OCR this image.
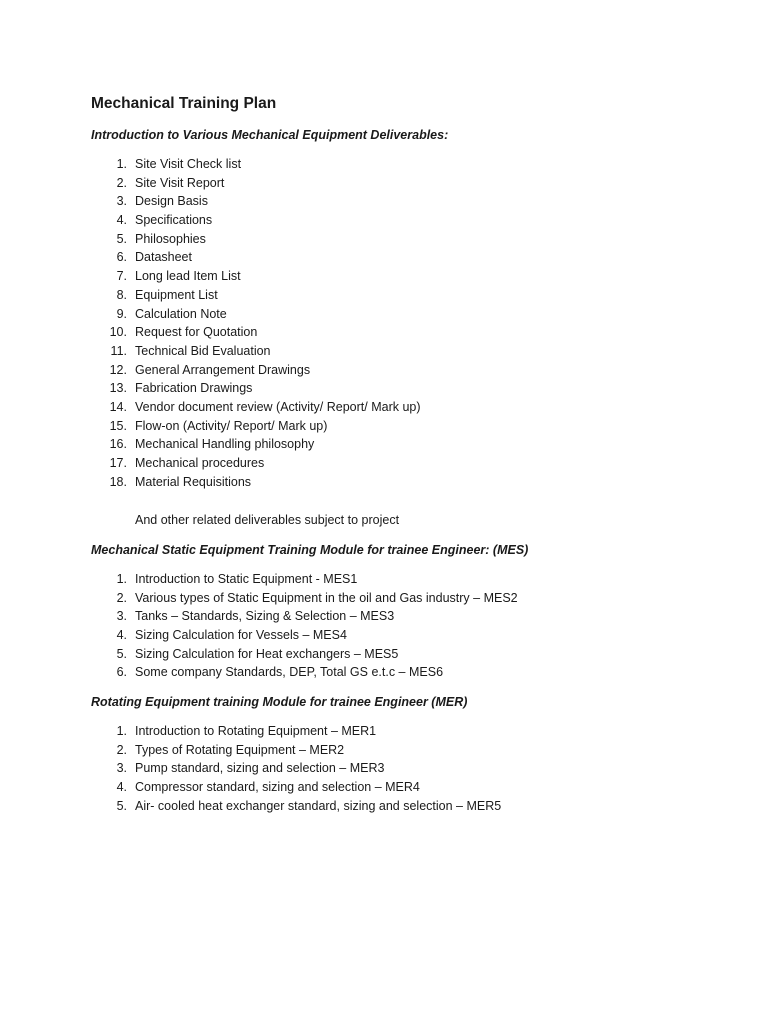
Mechanical Training Plan

Introduction to Various Mechanical Equipment Deliverables:

1. Site Visit Check list
2. Site Visit Report
3. Design Basis
4. Specifications
5. Philosophies
6. Datasheet
7. Long lead Item List
8. Equipment List
9. Calculation Note
10. Request for Quotation
11. Technical Bid Evaluation
12. General Arrangement Drawings
13. Fabrication Drawings
14. Vendor document review (Activity/ Report/ Mark up)
15. Flow-on (Activity/ Report/ Mark up)
16. Mechanical Handling philosophy
17. Mechanical procedures
18. Material Requisitions

And other related deliverables subject to project

Mechanical Static Equipment Training Module for trainee Engineer: (MES)

1. Introduction to Static Equipment - MES1
2. Various types of Static Equipment in the oil and Gas industry – MES2
3. Tanks – Standards, Sizing & Selection – MES3
4. Sizing Calculation for Vessels – MES4
5. Sizing Calculation for Heat exchangers – MES5
6. Some company Standards, DEP, Total GS e.t.c – MES6

Rotating Equipment training Module for trainee Engineer (MER)

1. Introduction to Rotating Equipment – MER1
2. Types of Rotating Equipment – MER2
3. Pump standard, sizing and selection – MER3
4. Compressor standard, sizing and selection – MER4
5. Air- cooled heat exchanger standard, sizing and selection – MER5
